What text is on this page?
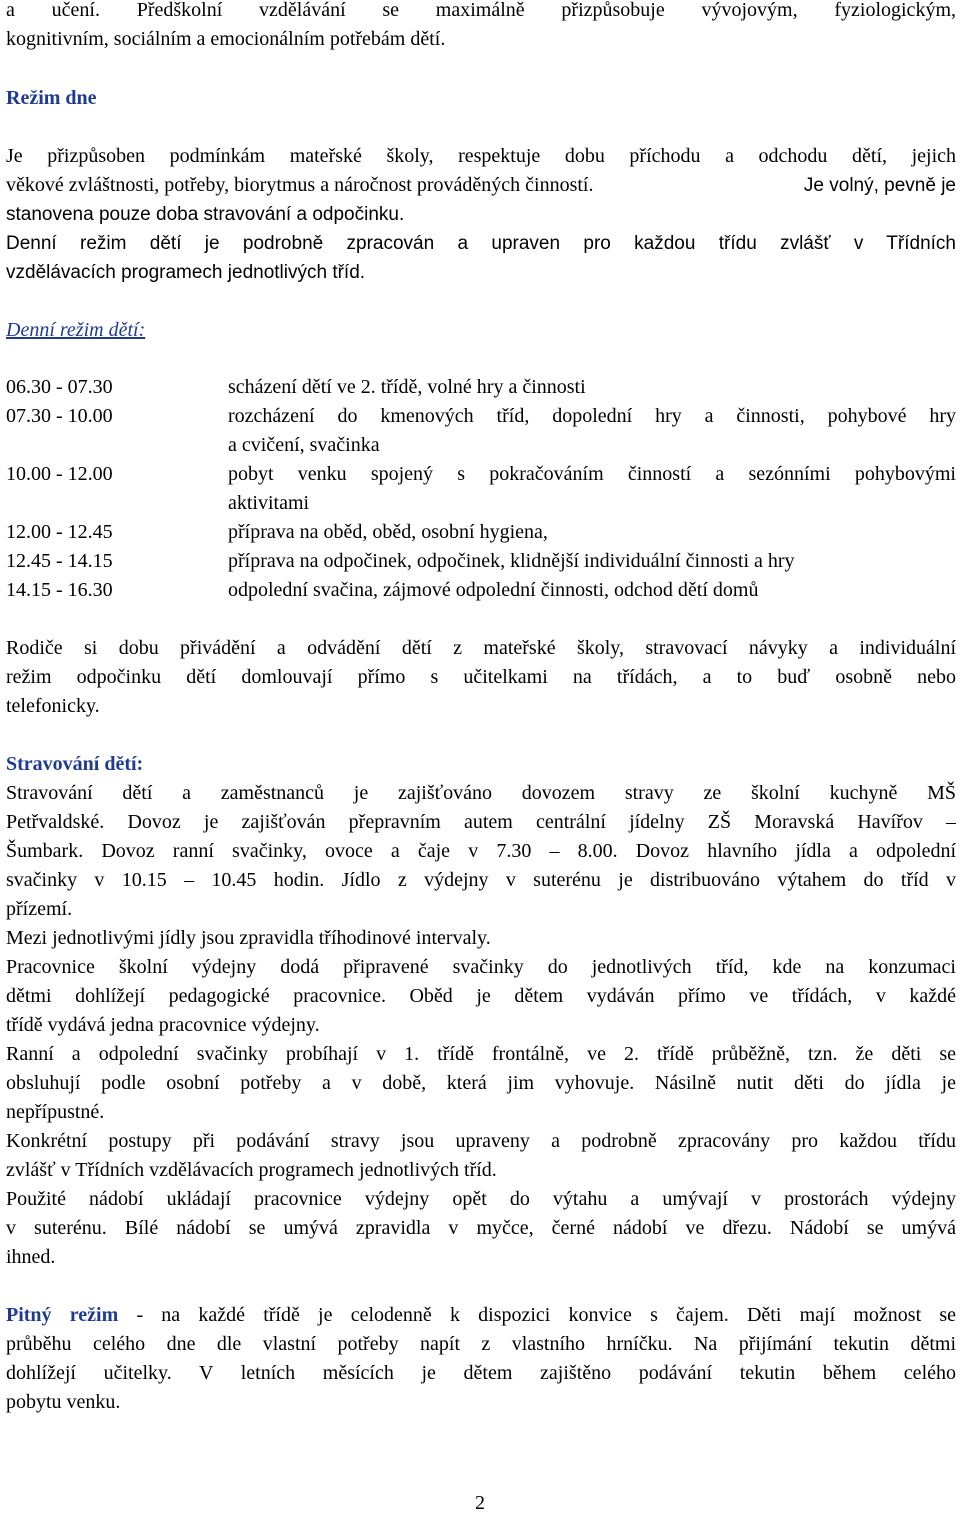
a učení. Předškolní vzdělávání se maximálně přizpůsobuje vývojovým, fyziologickým,
kognitivním, sociálním a emocionálním potřebám dětí.
Režim dne
Je přizpůsoben podmínkám mateřské školy, respektuje dobu příchodu a odchodu dětí, jejich
věkové zvláštnosti, potřeby, biorytmus a náročnost prováděných činností.	Je volný, pevně je
stanovena pouze doba stravování a odpočinku.
Denní režim dětí je podrobně zpracován a upraven pro každou třídu zvlášť v Třídních
vzdělávacích programech jednotlivých tříd.
Denní režim dětí:
06.30 - 07.30	scházení dětí ve 2. třídě, volné hry a činnosti
07.30 - 10.00	rozcházení do kmenových tříd, dopolední hry a činnosti, pohybové hry
a cvičení, svačinka
10.00 - 12.00	pobyt venku spojený s pokračováním činností a sezónními pohybovými
aktivitami
12.00 - 12.45	příprava na oběd, oběd, osobní hygiena,
12.45 - 14.15	příprava na odpočinek, odpočinek, klidnější individuální činnosti a hry
14.15 - 16.30	odpolední svačina, zájmové odpolední činnosti, odchod dětí domů
Rodiče si dobu přivádění a odvádění dětí z mateřské školy, stravovací návyky a individuální
režim odpočinku dětí domlouvají přímo s učitelkami na třídách, a to buď osobně nebo
telefonicky.
Stravování dětí:
Stravování dětí a zaměstnanců je zajišťováno dovozem stravy ze školní kuchyně MŠ
Petřvaldské. Dovoz je zajišťován přepravním autem centrální jídelny ZŠ Moravská Havířov –
Šumbark. Dovoz ranní svačinky, ovoce a čaje v 7.30 – 8.00. Dovoz hlavního jídla a odpolední
svačinky v 10.15 – 10.45 hodin. Jídlo z výdejny v suterénu je distribuováno výtahem do tříd v
přízemí.
Mezi jednotlivými jídly jsou zpravidla tříhodinové intervaly.
Pracovnice školní výdejny dodá připravené svačinky do jednotlivých tříd, kde na konzumaci
dětmi dohlížejí pedagogické pracovnice. Oběd je dětem vydáván přímo ve třídách, v každé
třídě vydává jedna pracovnice výdejny.
Ranní a odpolední svačinky probíhají v 1. třídě frontálně, ve 2. třídě průběžně, tzn. že děti se
obsluhují podle osobní potřeby a v době, která jim vyhovuje. Násilně nutit děti do jídla je
nepřípustné.
Konkrétní postupy při podávání stravy jsou upraveny a podrobně zpracovány pro každou třídu
zvlášť v Třídních vzdělávacích programech jednotlivých tříd.
Použité nádobí ukládají pracovnice výdejny opět do výtahu a umývají v prostorách výdejny
v suterénu. Bílé nádobí se umývá zpravidla v myčce, černé nádobí ve dřezu. Nádobí se umývá
ihned.
Pitný režim - na každé třídě je celodenně k dispozici konvice s čajem. Děti mají možnost se
průběhu celého dne dle vlastní potřeby napít z vlastního hrníčku. Na přijímání tekutin dětmi
dohlížejí učitelky. V letních měsících je dětem zajištěno podávání tekutin během celého
pobytu venku.
2
